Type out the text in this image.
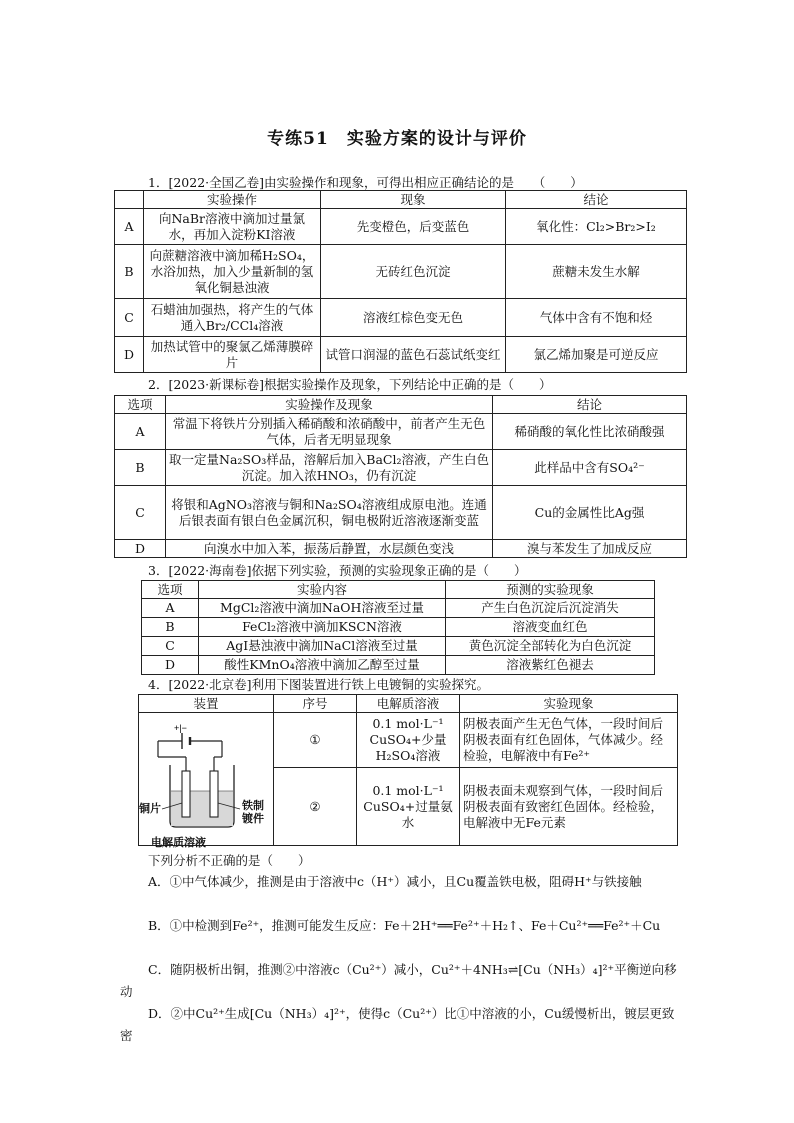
专练51　实验方案的设计与评价
1．[2022·全国乙卷]由实验操作和现象，可得出相应正确结论的是　　（　　）
	实验操作	现象	结论
A	向NaBr溶液中滴加过量氯水，再加入淀粉KI溶液	先变橙色，后变蓝色	氧化性：Cl₂>Br₂>I₂
B	向蔗糖溶液中滴加稀H₂SO₄，水浴加热，加入少量新制的氢氧化铜悬浊液	无砖红色沉淀	蔗糖未发生水解
C	石蜡油加强热，将产生的气体通入Br₂/CCl₄溶液	溶液红棕色变无色	气体中含有不饱和烃
D	加热试管中的聚氯乙烯薄膜碎片	试管口润湿的蓝色石蕊试纸变红	氯乙烯加聚是可逆反应
2．[2023·新课标卷]根据实验操作及现象，下列结论中正确的是（　　）
选项	实验操作及现象	结论
A	常温下将铁片分别插入稀硝酸和浓硝酸中，前者产生无色气体，后者无明显现象	稀硝酸的氧化性比浓硝酸强
B	取一定量Na₂SO₃样品，溶解后加入BaCl₂溶液，产生白色沉淀。加入浓HNO₃，仍有沉淀	此样品中含有SO₄²⁻
C	将银和AgNO₃溶液与铜和Na₂SO₄溶液组成原电池。连通后银表面有银白色金属沉积，铜电极附近溶液逐渐变蓝	Cu的金属性比Ag强
D	向溴水中加入苯，振荡后静置，水层颜色变浅	溴与苯发生了加成反应
3．[2022·海南卷]依据下列实验，预测的实验现象正确的是（　　）
选项	实验内容	预测的实验现象
A	MgCl₂溶液中滴加NaOH溶液至过量	产生白色沉淀后沉淀消失
B	FeCl₂溶液中滴加KSCN溶液	溶液变血红色
C	AgI悬浊液中滴加NaCl溶液至过量	黄色沉淀全部转化为白色沉淀
D	酸性KMnO₄溶液中滴加乙醇至过量	溶液紫红色褪去
4．[2022·北京卷]利用下图装置进行铁上电镀铜的实验探究。
装置	序号	电解质溶液	实验现象

+|−
铜片 铁制镀件
电解质溶液	①	0.1 mol·L⁻¹ CuSO₄+少量H₂SO₄溶液	阴极表面产生无色气体，一段时间后阴极表面有红色固体，气体减少。经检验，电解液中有Fe²⁺
	②	0.1 mol·L⁻¹ CuSO₄+过量氨水	阴极表面未观察到气体，一段时间后阴极表面有致密红色固体。经检验，电解液中无Fe元素
下列分析不正确的是（　　）
A．①中气体减少，推测是由于溶液中c（H⁺）减小，且Cu覆盖铁电极，阻碍H⁺与铁接触
B．①中检测到Fe²⁺，推测可能发生反应：Fe＋2H⁺══Fe²⁺＋H₂↑、Fe＋Cu²⁺══Fe²⁺＋Cu
C．随阴极析出铜，推测②中溶液c（Cu²⁺）减小，Cu²⁺＋4NH₃⇌[Cu（NH₃）₄]²⁺平衡逆向移动
D．②中Cu²⁺生成[Cu（NH₃）₄]²⁺，使得c（Cu²⁺）比①中溶液的小，Cu缓慢析出，镀层更致密
